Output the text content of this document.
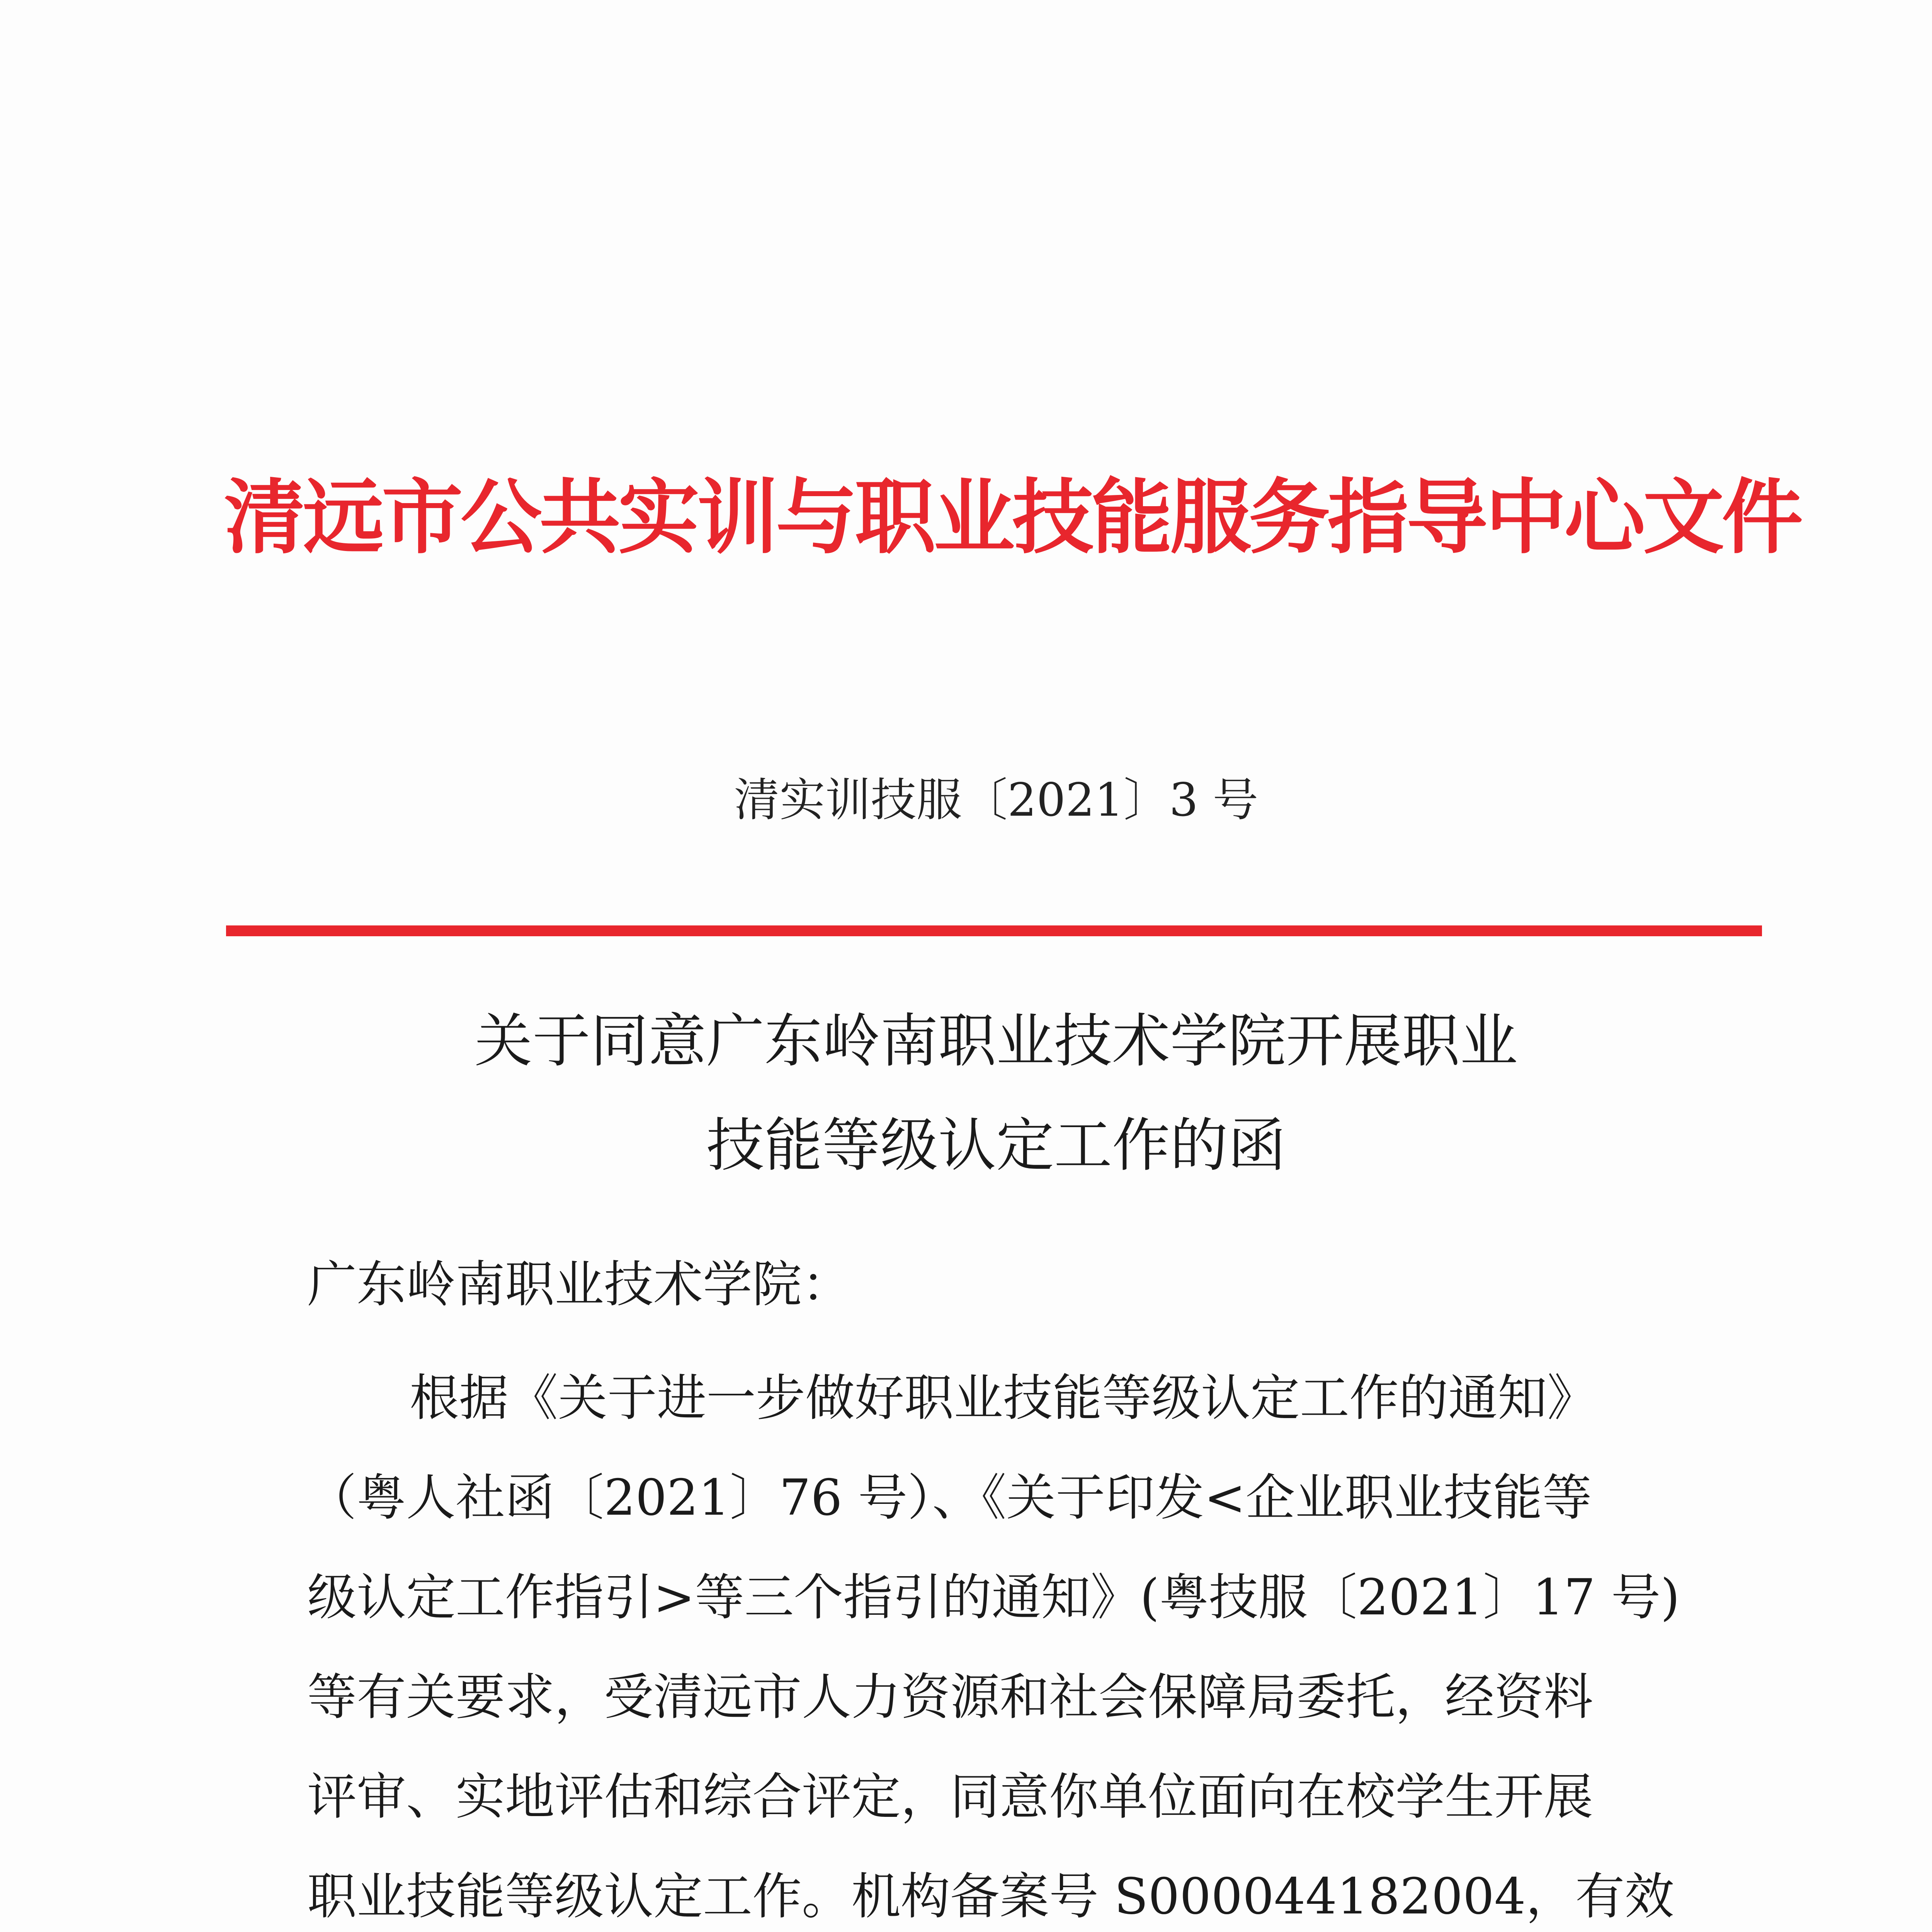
清远市公共实训与职业技能服务指导中心文件
清实训技服〔2021〕3 号
关于同意广东岭南职业技术学院开展职业
技能等级认定工作的函
广东岭南职业技术学院：
根据《关于进一步做好职业技能等级认定工作的通知》
（粤人社函〔2021〕76 号）、《关于印发<企业职业技能等
级认定工作指引>等三个指引的通知》(粤技服〔2021〕17 号)
等有关要求，受清远市人力资源和社会保障局委托，经资料
评审、实地评估和综合评定，同意你单位面向在校学生开展
职业技能等级认定工作。机构备案号 S000044182004，有效
